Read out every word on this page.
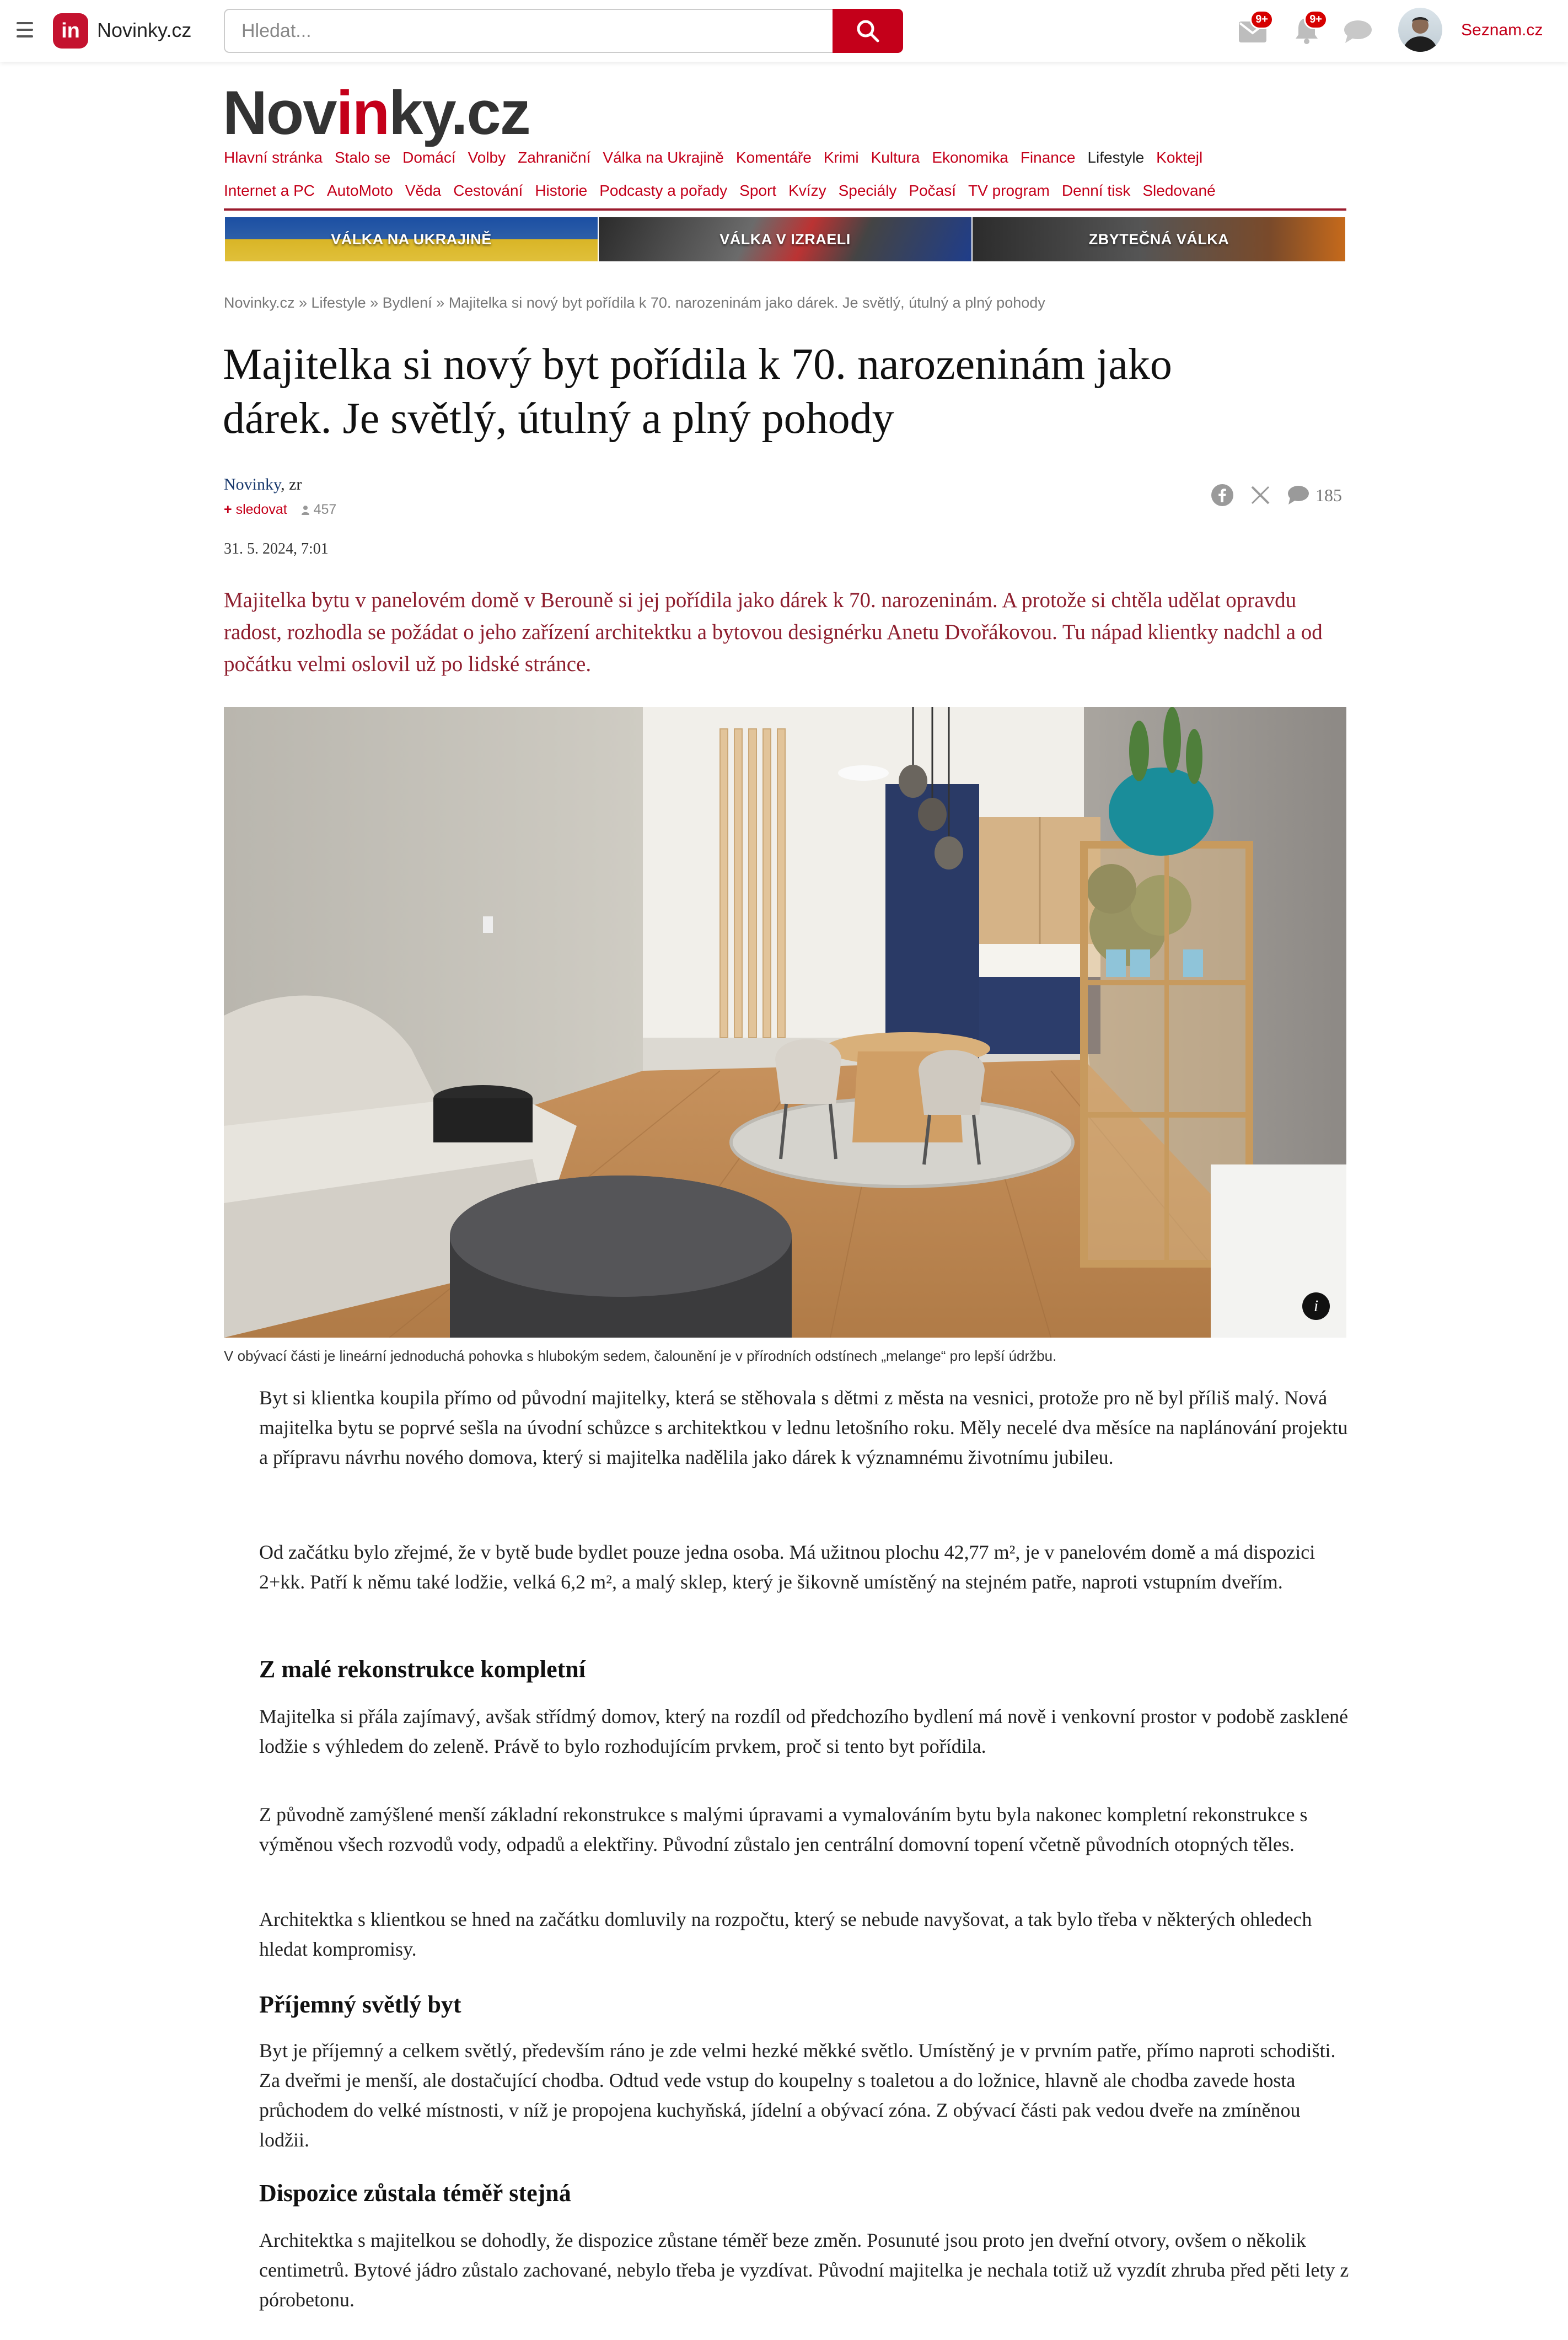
in Novinky.cz
Hledat...	9+	9+
Seznam.cz
Novinky.cz
Hlavní stránka Stalo se Domácí Volby Zahraniční Válka na Ukrajině Komentáře Krimi Kultura Ekonomika Finance Lifestyle Koktejl
Internet a PC AutoMoto Věda Cestování Historie Podcasty a pořady Sport Kvízy Speciály Počasí TV program Denní tisk Sledované
VÁLKA NA UKRAJINĚ	VÁLKA V IZRAELI	ZBYTEČNÁ VÁLKA
Novinky.cz » Lifestyle » Bydlení » Majitelka si nový byt pořídila k 70. narozeninám jako dárek. Je světlý, útulný a plný pohody
Majitelka si nový byt pořídila k 70. narozeninám jako
dárek. Je světlý, útulný a plný pohody
Novinky, zr
+ sledovat 457
31. 5. 2024, 7:01
185

Majitelka bytu v panelovém domě v Berouně si jej pořídila jako dárek k 70. narozeninám. A protože si chtěla udělat opravdu radost, rozhodla se požádat o jeho zařízení architektku a bytovou designérku Anetu Dvořákovou. Tu nápad klientky nadchl a od počátku velmi oslovil už po lidské stránce.

i
V obývací části je lineární jednoduchá pohovka s hlubokým sedem, čalounění je v přírodních odstínech „melange“ pro lepší údržbu.

Byt si klientka koupila přímo od původní majitelky, která se stěhovala s dětmi z města na vesnici, protože pro ně byl příliš malý. Nová majitelka bytu se poprvé sešla na úvodní schůzce s architektkou v lednu letošního roku. Měly necelé dva měsíce na naplánování projektu a přípravu návrhu nového domova, který si majitelka nadělila jako dárek k významnému životnímu jubileu.

Od začátku bylo zřejmé, že v bytě bude bydlet pouze jedna osoba. Má užitnou plochu 42,77 m², je v panelovém domě a má dispozici 2+kk. Patří k němu také lodžie, velká 6,2 m², a malý sklep, který je šikovně umístěný na stejném patře, naproti vstupním dveřím.

Z malé rekonstrukce kompletní

Majitelka si přála zajímavý, avšak střídmý domov, který na rozdíl od předchozího bydlení má nově i venkovní prostor v podobě zasklené lodžie s výhledem do zeleně. Právě to bylo rozhodujícím prvkem, proč si tento byt pořídila.

Z původně zamýšlené menší základní rekonstrukce s malými úpravami a vymalováním bytu byla nakonec kompletní rekonstrukce s výměnou všech rozvodů vody, odpadů a elektřiny. Původní zůstalo jen centrální domovní topení včetně původních otopných těles.

Architektka s klientkou se hned na začátku domluvily na rozpočtu, který se nebude navyšovat, a tak bylo třeba v některých ohledech hledat kompromisy.

Příjemný světlý byt

Byt je příjemný a celkem světlý, především ráno je zde velmi hezké měkké světlo. Umístěný je v prvním patře, přímo naproti schodišti. Za dveřmi je menší, ale dostačující chodba. Odtud vede vstup do koupelny s toaletou a do ložnice, hlavně ale chodba zavede hosta průchodem do velké místnosti, v níž je propojena kuchyňská, jídelní a obývací zóna. Z obývací části pak vedou dveře na zmíněnou lodžii.

Dispozice zůstala téměř stejná

Architektka s majitelkou se dohodly, že dispozice zůstane téměř beze změn. Posunuté jsou proto jen dveřní otvory, ovšem o několik centimetrů. Bytové jádro zůstalo zachované, nebylo třeba je vyzdívat. Původní majitelka je nechala totiž už vyzdít zhruba před pěti lety z pórobetonu.
